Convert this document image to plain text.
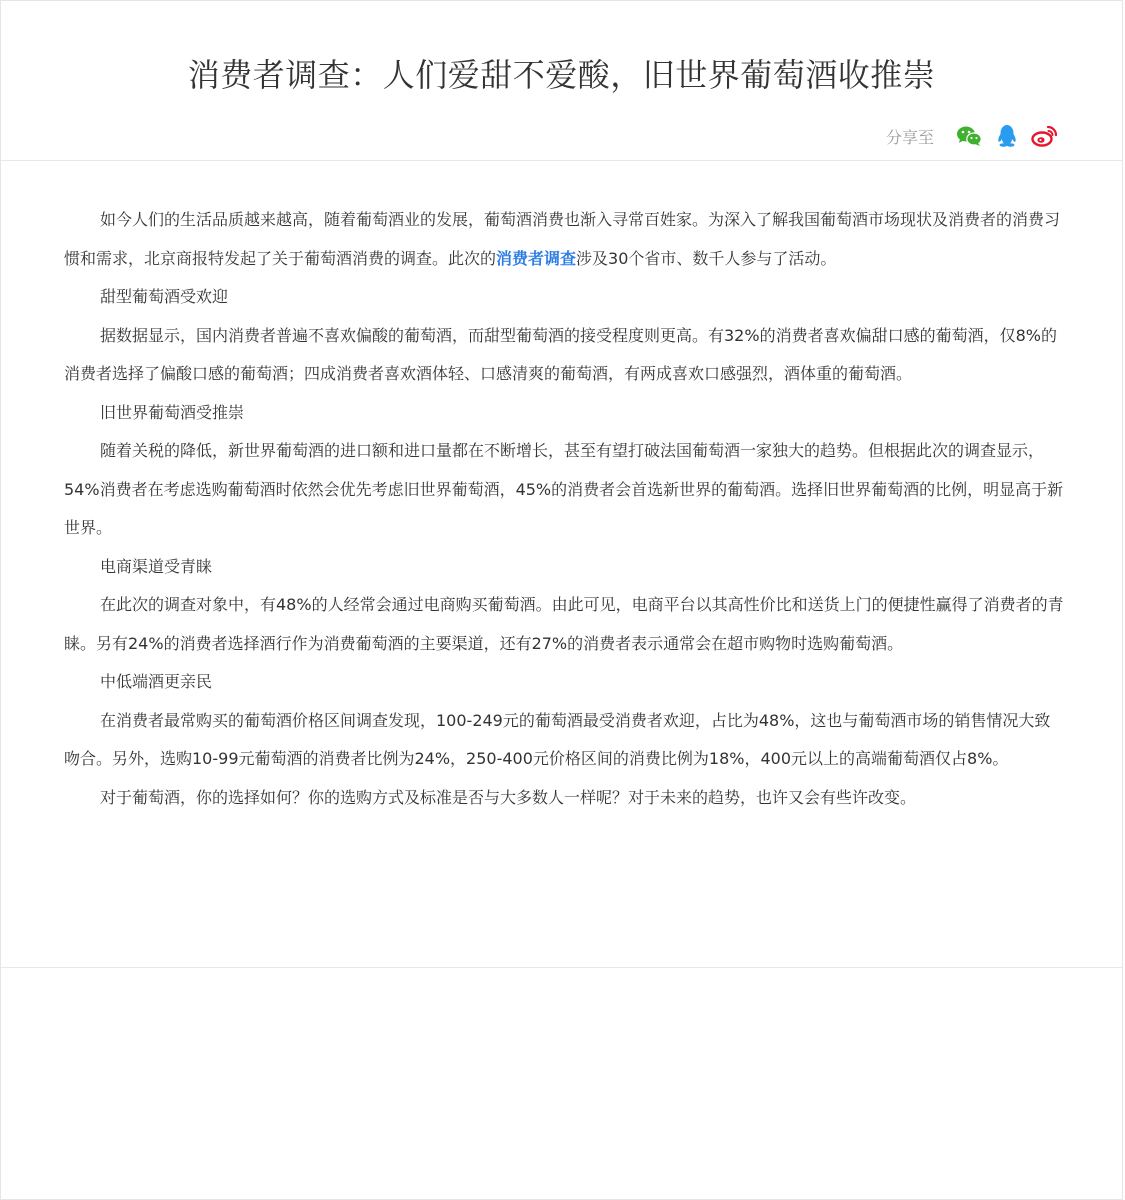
消费者调查：人们爱甜不爱酸，旧世界葡萄酒收推崇
分享至

如今人们的生活品质越来越高，随着葡萄酒业的发展，葡萄酒消费也渐入寻常百姓家。为深入了解我国葡萄酒市场现状及消费者的消费习惯和需求，北京商报特发起了关于葡萄酒消费的调查。此次的消费者调查涉及30个省市、数千人参与了活动。

甜型葡萄酒受欢迎

据数据显示，国内消费者普遍不喜欢偏酸的葡萄酒，而甜型葡萄酒的接受程度则更高。有32%的消费者喜欢偏甜口感的葡萄酒，仅8%的消费者选择了偏酸口感的葡萄酒；四成消费者喜欢酒体轻、口感清爽的葡萄酒，有两成喜欢口感强烈，酒体重的葡萄酒。

旧世界葡萄酒受推崇

随着关税的降低，新世界葡萄酒的进口额和进口量都在不断增长，甚至有望打破法国葡萄酒一家独大的趋势。但根据此次的调查显示，54%消费者在考虑选购葡萄酒时依然会优先考虑旧世界葡萄酒，45%的消费者会首选新世界的葡萄酒。选择旧世界葡萄酒的比例，明显高于新世界。

电商渠道受青睐

在此次的调查对象中，有48%的人经常会通过电商购买葡萄酒。由此可见，电商平台以其高性价比和送货上门的便捷性赢得了消费者的青睐。另有24%的消费者选择酒行作为消费葡萄酒的主要渠道，还有27%的消费者表示通常会在超市购物时选购葡萄酒。

中低端酒更亲民

在消费者最常购买的葡萄酒价格区间调查发现，100-249元的葡萄酒最受消费者欢迎，占比为48%，这也与葡萄酒市场的销售情况大致吻合。另外，选购10-99元葡萄酒的消费者比例为24%，250-400元价格区间的消费比例为18%，400元以上的高端葡萄酒仅占8%。

对于葡萄酒，你的选择如何？你的选购方式及标准是否与大多数人一样呢？对于未来的趋势，也许又会有些许改变。
